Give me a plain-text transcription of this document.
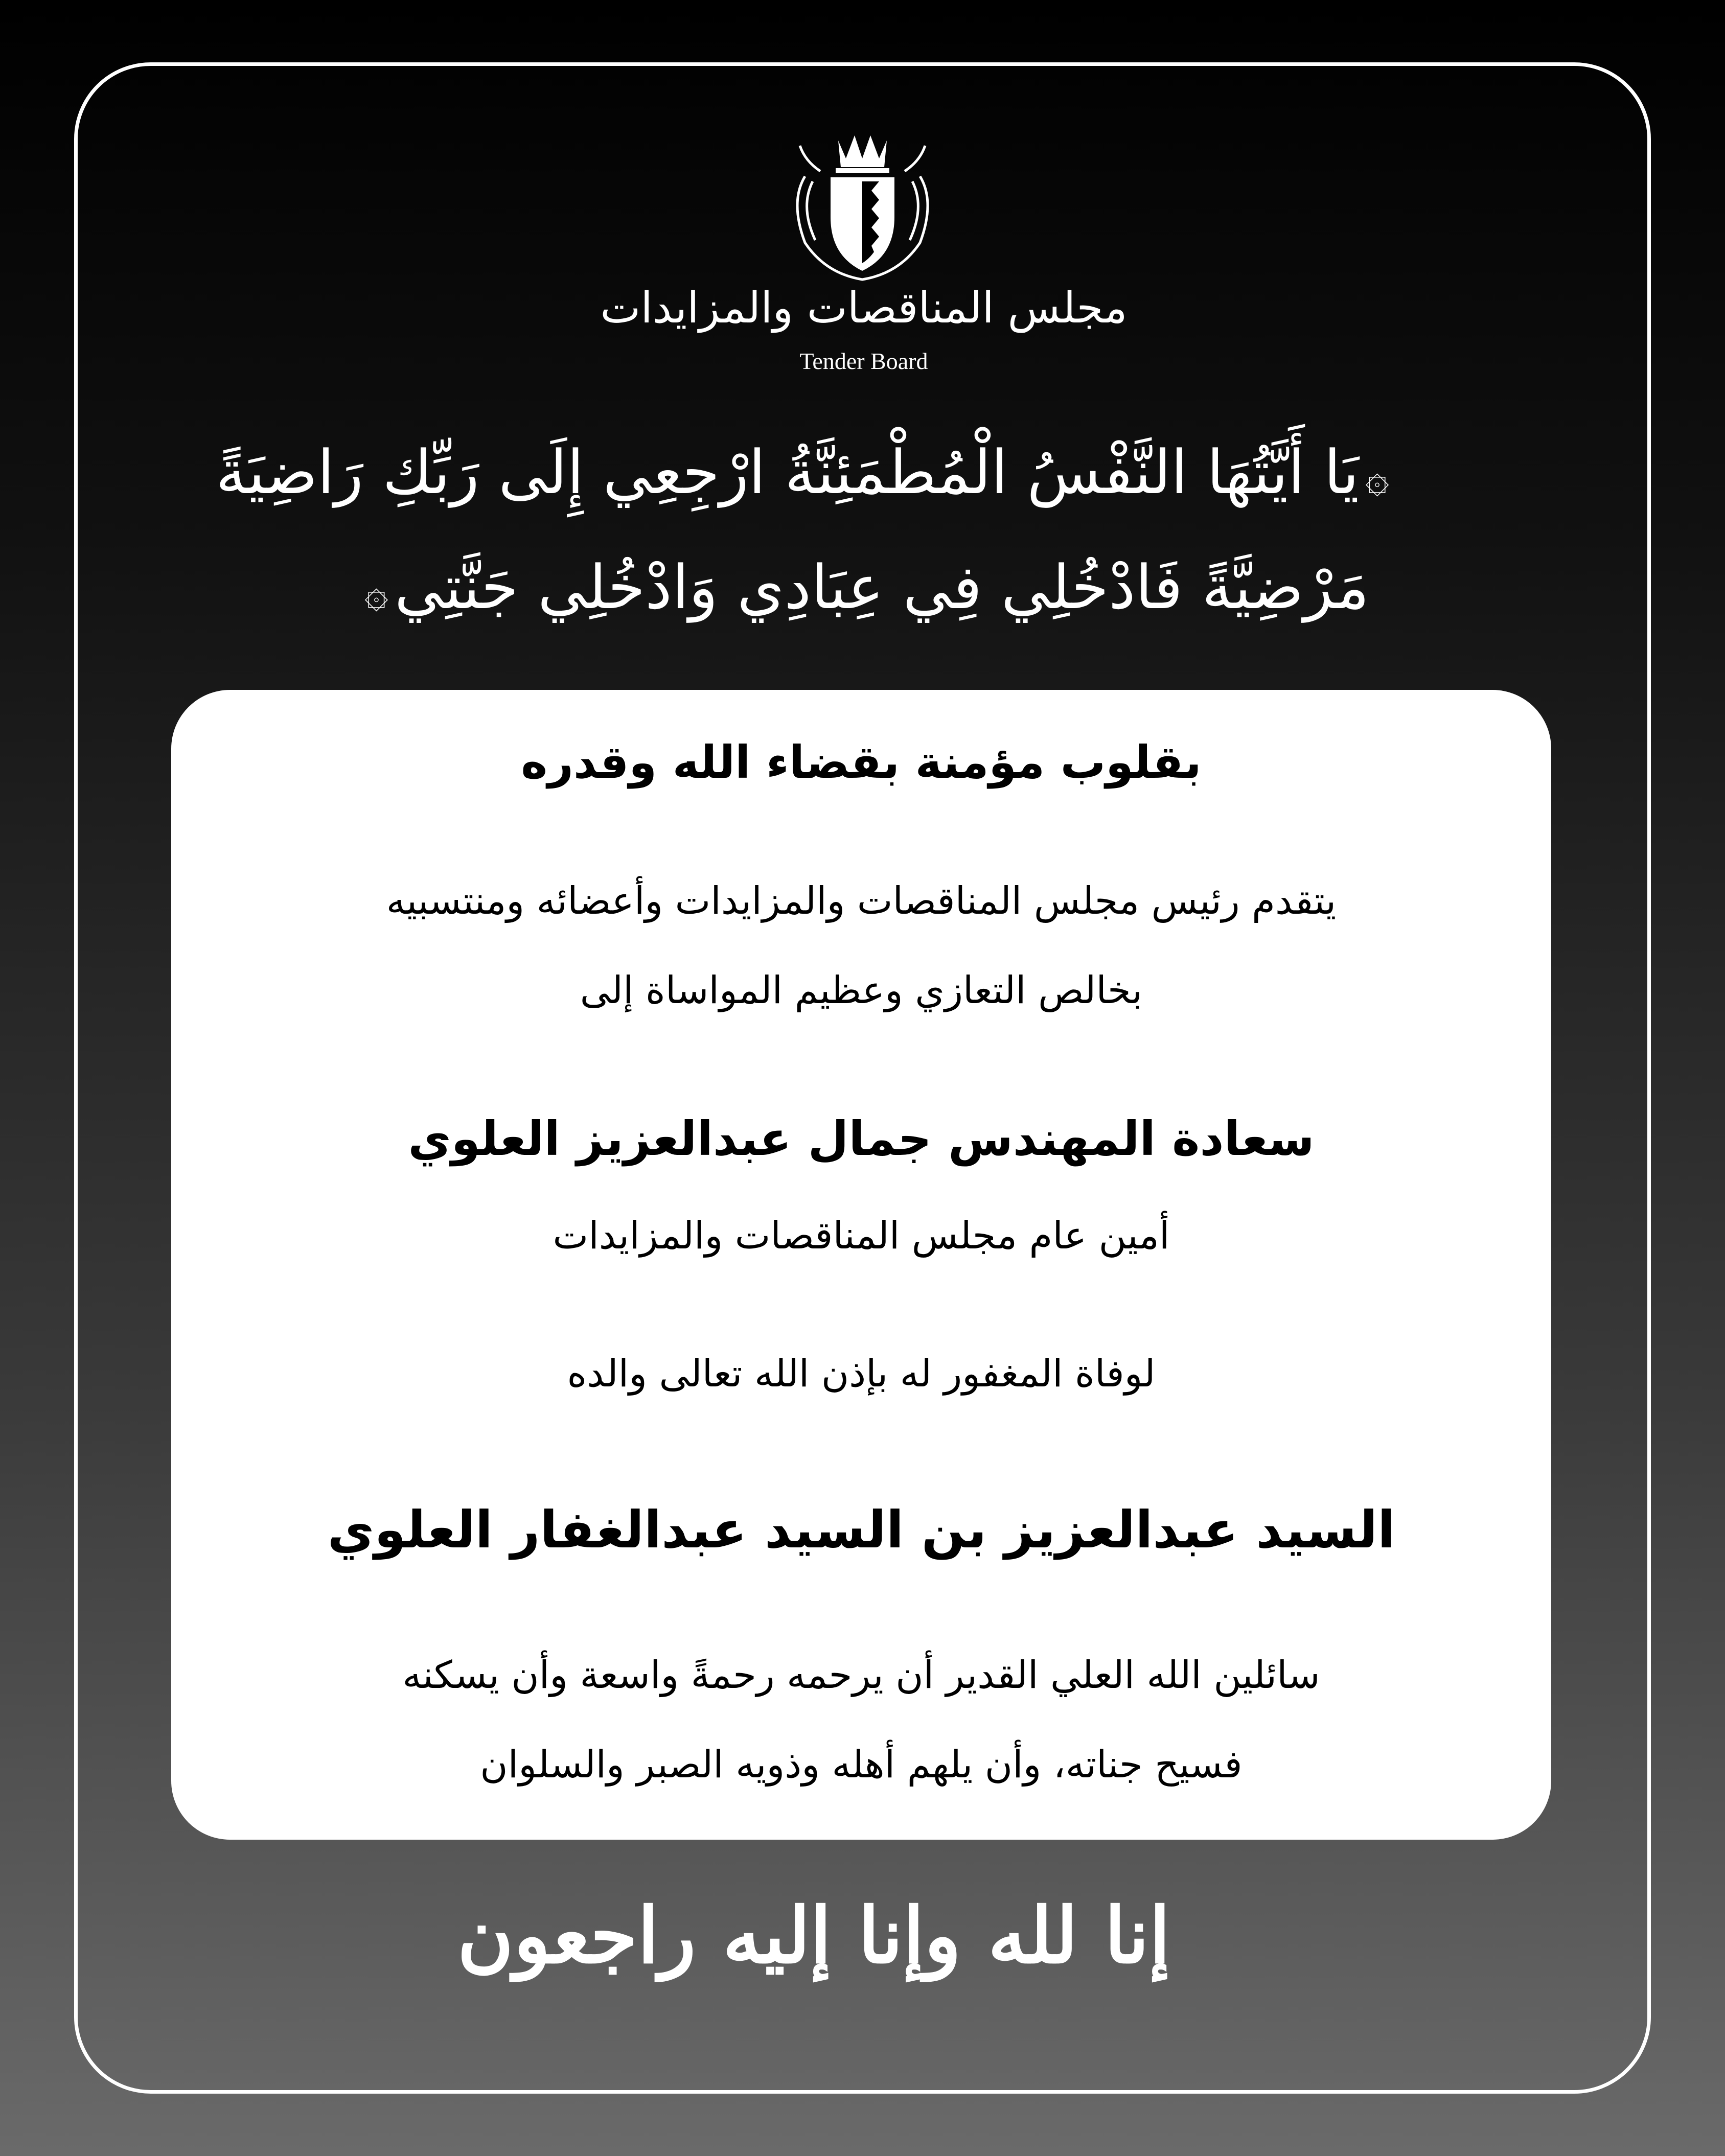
مجلس المناقصات والمزايدات
Tender Board
۞يَا أَيَّتُهَا النَّفْسُ الْمُطْمَئِنَّةُ ارْجِعِي إِلَى رَبِّكِ رَاضِيَةً
مَرْضِيَّةً فَادْخُلِي فِي عِبَادِي وَادْخُلِي جَنَّتِي۞
بقلوب مؤمنة بقضاء الله وقدره
يتقدم رئيس مجلس المناقصات والمزايدات وأعضائه ومنتسبيه
بخالص التعازي وعظيم المواساة إلى
سعادة المهندس جمال عبدالعزيز العلوي
أمين عام مجلس المناقصات والمزايدات
لوفاة المغفور له بإذن الله تعالى والده
السيد عبدالعزيز بن السيد عبدالغفار العلوي
سائلين الله العلي القدير أن يرحمه رحمةً واسعة وأن يسكنه
فسيح جناته، وأن يلهم أهله وذويه الصبر والسلوان
إنا لله وإنا إليه راجعون
